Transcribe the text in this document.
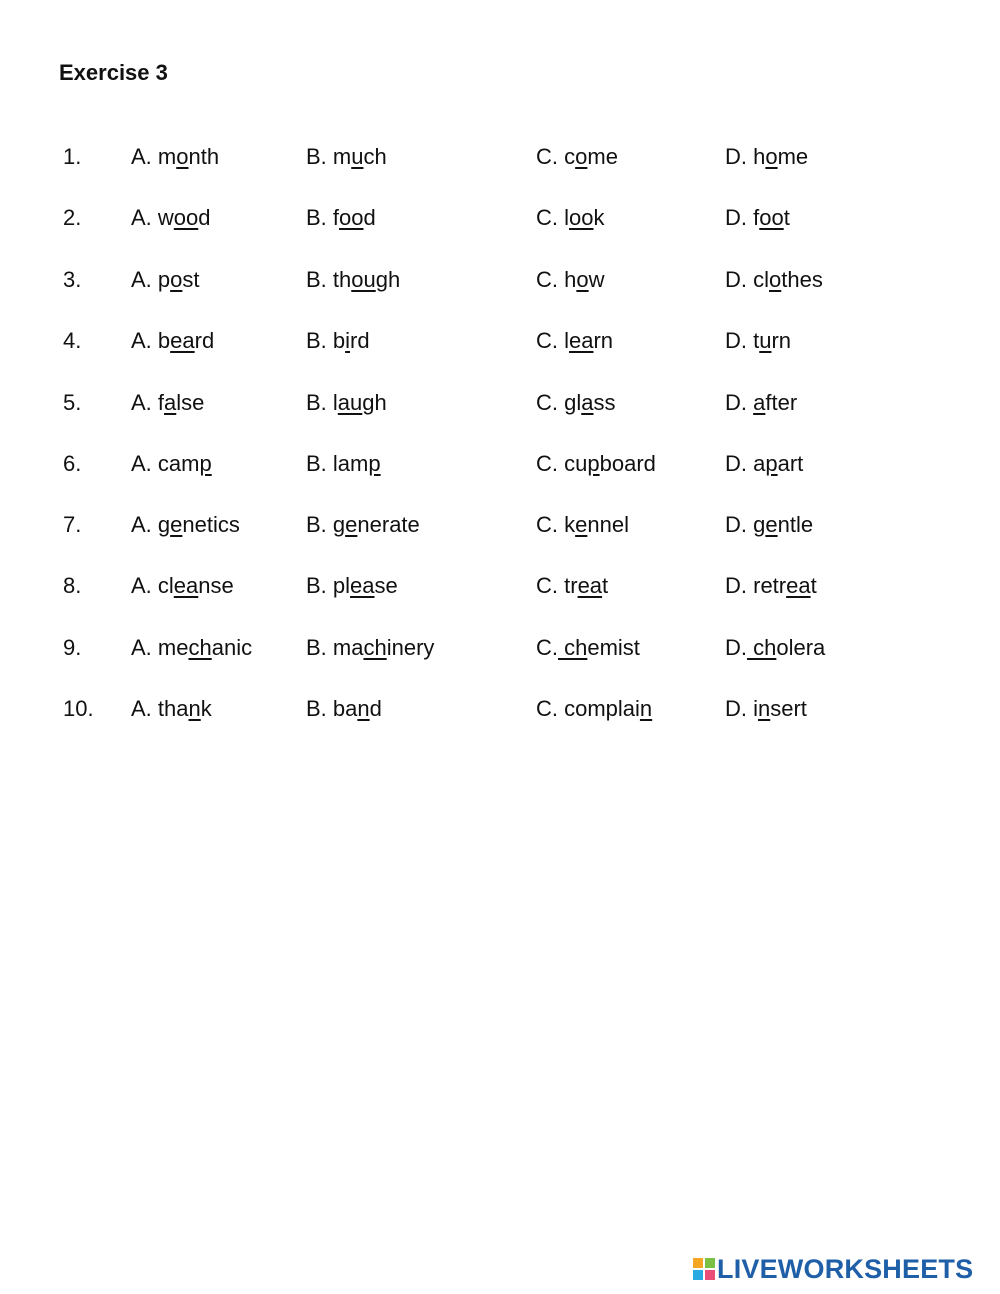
Exercise 3
1. A. month	B. much	C. come	D. home
2. A. wood	B. food	C. look	D. foot
3. A. post	B. though	C. how	D. clothes
4. A. beard	B. bird	C. learn	D. turn
5. A. false	B. laugh	C. glass	D. after
6. A. camp	B. lamp	C. cupboard	D. apart
7. A. genetics	B. generate	C. kennel	D. gentle
8. A. cleanse	B. please	C. treat	D. retreat
9. A. mechanic B. machinery	C. chemist	D. cholera
10. A. thank	B. band	C. complain	D. insert
LIVEWORKSHEETS
